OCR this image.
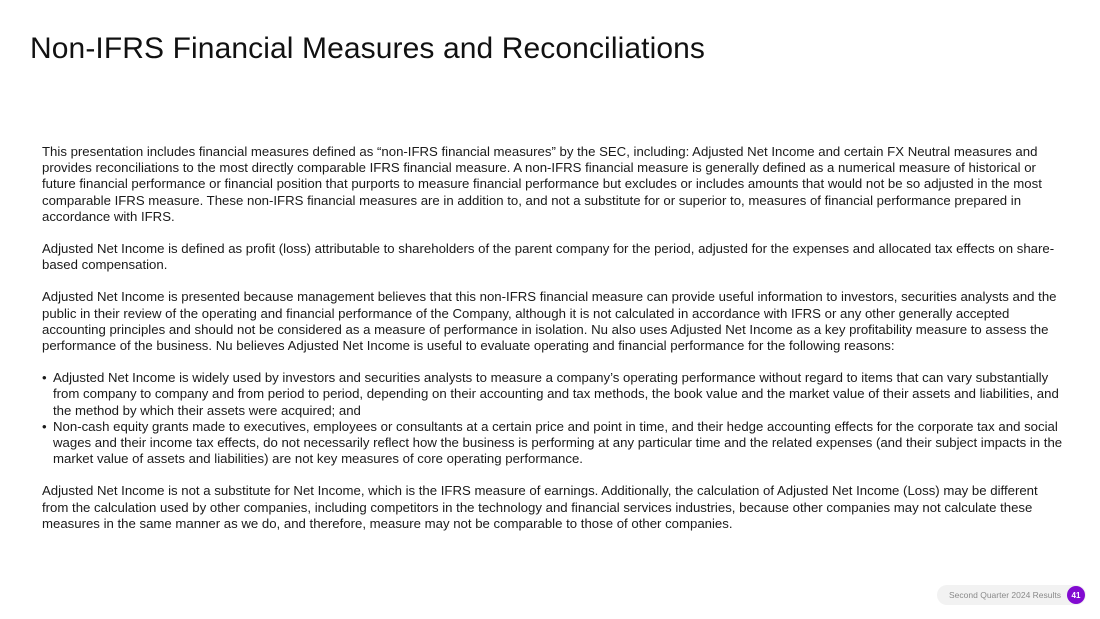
Non-IFRS Financial Measures and Reconciliations

This presentation includes financial measures defined as “non-IFRS financial measures” by the SEC, including: Adjusted Net Income and certain FX Neutral measures and provides reconciliations to the most directly comparable IFRS financial measure. A non-IFRS financial measure is generally defined as a numerical measure of historical or future financial performance or financial position that purports to measure financial performance but excludes or includes amounts that would not be so adjusted in the most comparable IFRS measure. These non-IFRS financial measures are in addition to, and not a substitute for or superior to, measures of financial performance prepared in accordance with IFRS.

Adjusted Net Income is defined as profit (loss) attributable to shareholders of the parent company for the period, adjusted for the expenses and allocated tax effects on share-based compensation.

Adjusted Net Income is presented because management believes that this non-IFRS financial measure can provide useful information to investors, securities analysts and the public in their review of the operating and financial performance of the Company, although it is not calculated in accordance with IFRS or any other generally accepted accounting principles and should not be considered as a measure of performance in isolation. Nu also uses Adjusted Net Income as a key profitability measure to assess the performance of the business. Nu believes Adjusted Net Income is useful to evaluate operating and financial performance for the following reasons:

• Adjusted Net Income is widely used by investors and securities analysts to measure a company’s operating performance without regard to items that can vary substantially from company to company and from period to period, depending on their accounting and tax methods, the book value and the market value of their assets and liabilities, and the method by which their assets were acquired; and
• Non-cash equity grants made to executives, employees or consultants at a certain price and point in time, and their hedge accounting effects for the corporate tax and social wages and their income tax effects, do not necessarily reflect how the business is performing at any particular time and the related expenses (and their subject impacts in the market value of assets and liabilities) are not key measures of core operating performance.

Adjusted Net Income is not a substitute for Net Income, which is the IFRS measure of earnings. Additionally, the calculation of Adjusted Net Income (Loss) may be different from the calculation used by other companies, including competitors in the technology and financial services industries, because other companies may not calculate these measures in the same manner as we do, and therefore, measure may not be comparable to those of other companies.

Second Quarter 2024 Results	41
